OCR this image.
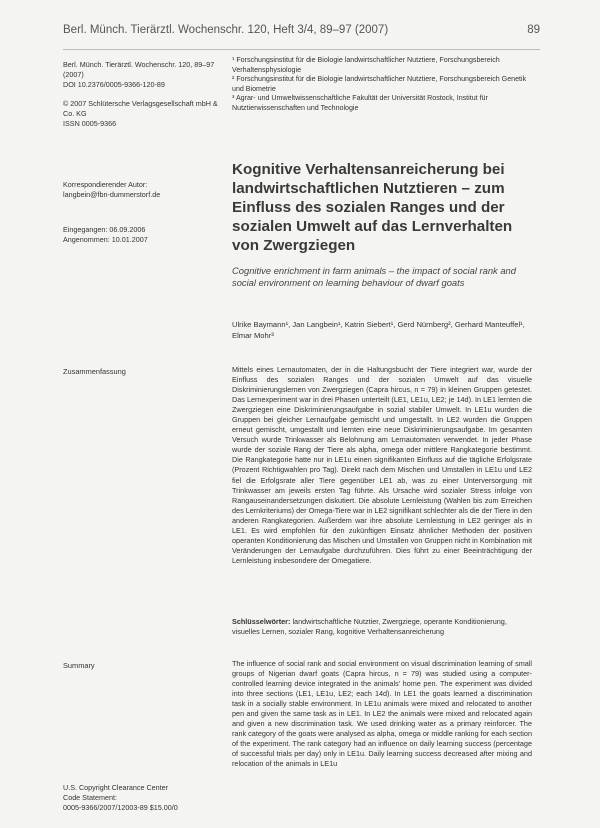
Berl. Münch. Tierärztl. Wochenschr. 120, Heft 3/4, 89–97 (2007)	89

Berl. Münch. Tierärztl. Wochenschr. 120, 89–97 (2007)

DOI 10.2376/0005-9366-120-89

© 2007 Schlütersche Verlagsgesellschaft mbH & Co. KG

ISSN 0005-9366

Korrespondierender Autor:

langbein@fbn-dummerstorf.de

Eingegangen: 06.09.2006

Angenommen: 10.01.2007

Zusammenfassung
Summary

U.S. Copyright Clearance Center

Code Statement:

0005-9366/2007/12003-89 $15.00/0

¹ Forschungsinstitut für die Biologie landwirtschaftlicher Nutztiere, Forschungsbereich Verhaltensphysiologie

² Forschungsinstitut für die Biologie landwirtschaftlicher Nutztiere, Forschungsbereich Genetik und Biometrie

³ Agrar- und Umweltwissenschaftliche Fakultät der Universität Rostock, Institut für Nutztierwissenschaften und Technologie

Kognitive Verhaltensanreicherung bei landwirtschaftlichen Nutztieren – zum Einfluss des sozialen Ranges und der sozialen Umwelt auf das Lernverhalten von Zwergziegen
Cognitive enrichment in farm animals – the impact of social rank and social environment on learning behaviour of dwarf goats
Ulrike Baymann¹, Jan Langbein¹, Katrin Siebert¹, Gerd Nürnberg², Gerhard Manteuffel¹, Elmar Mohr³

Mittels eines Lernautomaten, der in die Haltungsbucht der Tiere integriert war, wurde der Einfluss des sozialen Ranges und der sozialen Umwelt auf das visuelle Diskriminierungslernen von Zwergziegen (Capra hircus, n = 79) in kleinen Gruppen getestet. Das Lernexperiment war in drei Phasen unterteilt (LE1, LE1u, LE2; je 14d). In LE1 lernten die Zwergziegen eine Diskriminierungsaufgabe in sozial stabiler Umwelt. In LE1u wurden die Gruppen bei gleicher Lernaufgabe gemischt und umgestallt. In LE2 wurden die Gruppen erneut gemischt, umgestallt und lernten eine neue Diskriminierungsaufgabe. Im gesamten Versuch wurde Trinkwasser als Belohnung am Lernautomaten verwendet. In jeder Phase wurde der soziale Rang der Tiere als alpha, omega oder mittlere Rangkategorie bestimmt. Die Rangkategorie hatte nur in LE1u einen signifikanten Einfluss auf die tägliche Erfolgsrate (Prozent Richtigwahlen pro Tag). Direkt nach dem Mischen und Umstallen in LE1u und LE2 fiel die Erfolgsrate aller Tiere gegenüber LE1 ab, was zu einer Unterversorgung mit Trinkwasser am jeweils ersten Tag führte. Als Ursache wird sozialer Stress infolge von Rangauseinandersetzungen diskutiert. Die absolute Lernleistung (Wahlen bis zum Erreichen des Lernkriteriums) der Omega-Tiere war in LE2 signifikant schlechter als die der Tiere in den anderen Rangkategorien. Außerdem war ihre absolute Lernleistung in LE2 geringer als in LE1. Es wird empfohlen für den zukünftigen Einsatz ähnlicher Methoden der positiven operanten Konditionierung das Mischen und Umstallen von Gruppen nicht in Kombination mit Veränderungen der Lernaufgabe durchzuführen. Dies führt zu einer Beeinträchtigung der Lernleistung insbesondere der Omegatiere.

Schlüsselwörter: landwirtschaftliche Nutztier, Zwergziege, operante Konditionierung, visuelles Lernen, sozialer Rang, kognitive Verhaltensanreicherung

The influence of social rank and social environment on visual discrimination learning of small groups of Nigerian dwarf goats (Capra hircus, n = 79) was studied using a computer-controlled learning device integrated in the animals' home pen. The experiment was divided into three sections (LE1, LE1u, LE2; each 14d). In LE1 the goats learned a discrimination task in a socially stable environment. In LE1u animals were mixed and relocated to another pen and given the same task as in LE1. In LE2 the animals were mixed and relocated again and given a new discrimination task. We used drinking water as a primary reinforcer. The rank category of the goats were analysed as alpha, omega or middle ranking for each section of the experiment. The rank category had an influence on daily learning success (percentage of successful trials per day) only in LE1u. Daily learning success decreased after mixing and relocation of the animals in LE1u
